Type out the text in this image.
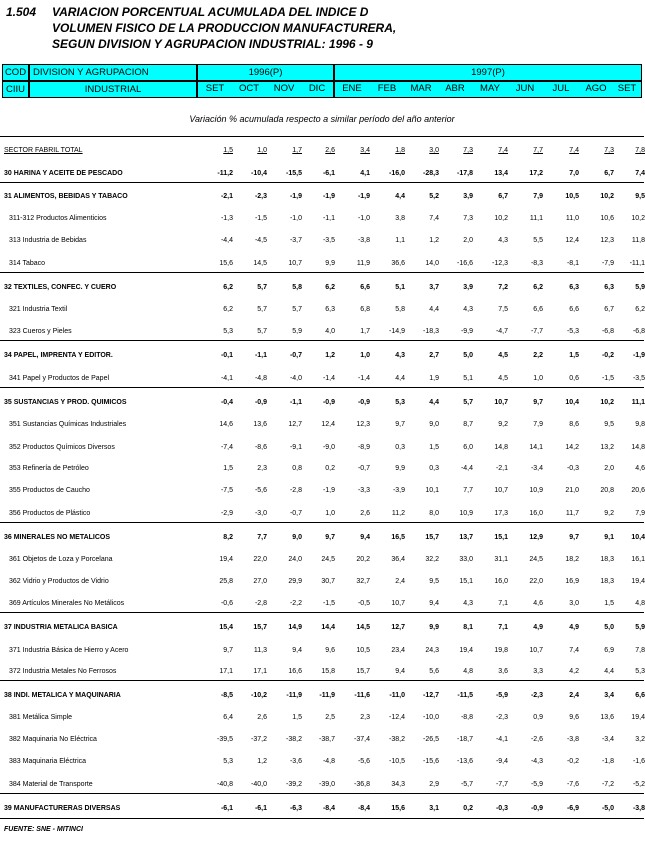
1.504 VARIACION PORCENTUAL ACUMULADA DEL INDICE D
VOLUMEN FISICO DE LA PRODUCCION MANUFACTURERA,
SEGUN DIVISION Y AGRUPACION INDUSTRIAL: 1996 - 9
COD
CIIU
DIVISION Y AGRUPACION
INDUSTRIAL
1996(P)	1997(P)
SET	OCT	NOV	DIC	ENE	FEB	MAR	ABR	MAY	JUN	JUL	AGO	SET
Variación % acumulada respecto a similar período del año anterior
SECTOR FABRIL TOTAL	1,5	1,0	1,7	2,6	3,4	1,8	3,0	7,3	7,4	7,7	7,4	7,3	7,8
30 HARINA Y ACEITE DE PESCADO	-11,2	-10,4	-15,5	-6,1	4,1	-16,0	-28,3	-17,8	13,4	17,2	7,0	6,7	7,4
31 ALIMENTOS, BEBIDAS Y TABACO	-2,1	-2,3	-1,9	-1,9	-1,9	4,4	5,2	3,9	6,7	7,9	10,5	10,2	9,5
311-312 Productos Alimenticios	-1,3	-1,5	-1,0	-1,1	-1,0	3,8	7,4	7,3	10,2	11,1	11,0	10,6	10,2
313 Industria de Bebidas	-4,4	-4,5	-3,7	-3,5	-3,8	1,1	1,2	2,0	4,3	5,5	12,4	12,3	11,8
314 Tabaco	15,6	14,5	10,7	9,9	11,9	36,6	14,0	-16,6	-12,3	-8,3	-8,1	-7,9	-11,1
32 TEXTILES, CONFEC. Y CUERO	6,2	5,7	5,8	6,2	6,6	5,1	3,7	3,9	7,2	6,2	6,3	6,3	5,9
321 Industria Textil	6,2	5,7	5,7	6,3	6,8	5,8	4,4	4,3	7,5	6,6	6,6	6,7	6,2
323 Cueros y Pieles	5,3	5,7	5,9	4,0	1,7	-14,9	-18,3	-9,9	-4,7	-7,7	-5,3	-6,8	-6,8
34 PAPEL, IMPRENTA Y EDITOR.	-0,1	-1,1	-0,7	1,2	1,0	4,3	2,7	5,0	4,5	2,2	1,5	-0,2	-1,9
341 Papel y Productos de Papel	-4,1	-4,8	-4,0	-1,4	-1,4	4,4	1,9	5,1	4,5	1,0	0,6	-1,5	-3,5
35 SUSTANCIAS Y PROD. QUIMICOS	-0,4	-0,9	-1,1	-0,9	-0,9	5,3	4,4	5,7	10,7	9,7	10,4	10,2	11,1
351 Sustancias Químicas Industriales	14,6	13,6	12,7	12,4	12,3	9,7	9,0	8,7	9,2	7,9	8,6	9,5	9,8
352 Productos Químicos Diversos	-7,4	-8,6	-9,1	-9,0	-8,9	0,3	1,5	6,0	14,8	14,1	14,2	13,2	14,8
353 Refinería de Petróleo	1,5	2,3	0,8	0,2	-0,7	9,9	0,3	-4,4	-2,1	-3,4	-0,3	2,0	4,6
355 Productos de Caucho	-7,5	-5,6	-2,8	-1,9	-3,3	-3,9	10,1	7,7	10,7	10,9	21,0	20,8	20,6
356 Productos de Plástico	-2,9	-3,0	-0,7	1,0	2,6	11,2	8,0	10,9	17,3	16,0	11,7	9,2	7,9
36 MINERALES NO METALICOS	8,2	7,7	9,0	9,7	9,4	16,5	15,7	13,7	15,1	12,9	9,7	9,1	10,4
361 Objetos de Loza y Porcelana	19,4	22,0	24,0	24,5	20,2	36,4	32,2	33,0	31,1	24,5	18,2	18,3	16,1
362 Vidrio y Productos de Vidrio	25,8	27,0	29,9	30,7	32,7	2,4	9,5	15,1	16,0	22,0	16,9	18,3	19,4
369 Artículos Minerales No Metálicos	-0,6	-2,8	-2,2	-1,5	-0,5	10,7	9,4	4,3	7,1	4,6	3,0	1,5	4,8
37 INDUSTRIA METALICA BASICA	15,4	15,7	14,9	14,4	14,5	12,7	9,9	8,1	7,1	4,9	4,9	5,0	5,9
371 Industria Básica de Hierro y Acero	9,7	11,3	9,4	9,6	10,5	23,4	24,3	19,4	19,8	10,7	7,4	6,9	7,8
372 Industria Metales No Ferrosos	17,1	17,1	16,6	15,8	15,7	9,4	5,6	4,8	3,6	3,3	4,2	4,4	5,3
38 INDI. METALICA Y MAQUINARIA	-8,5	-10,2	-11,9	-11,9	-11,6	-11,0	-12,7	-11,5	-5,9	-2,3	2,4	3,4	6,6
381 Metálica Simple	6,4	2,6	1,5	2,5	2,3	-12,4	-10,0	-8,8	-2,3	0,9	9,6	13,6	19,4
382 Maquinaria No Eléctrica	-39,5	-37,2	-38,2	-38,7	-37,4	-38,2	-26,5	-18,7	-4,1	-2,6	-3,8	-3,4	3,2
383 Maquinaria Eléctrica	5,3	1,2	-3,6	-4,8	-5,6	-10,5	-15,6	-13,6	-9,4	-4,3	-0,2	-1,8	-1,6
384 Material de Transporte	-40,8	-40,0	-39,2	-39,0	-36,8	34,3	2,9	-5,7	-7,7	-5,9	-7,6	-7,2	-5,2
39 MANUFACTURERAS DIVERSAS	-6,1	-6,1	-6,3	-8,4	-8,4	15,6	3,1	0,2	-0,3	-0,9	-6,9	-5,0	-3,8
FUENTE: SNE - MITINCI
